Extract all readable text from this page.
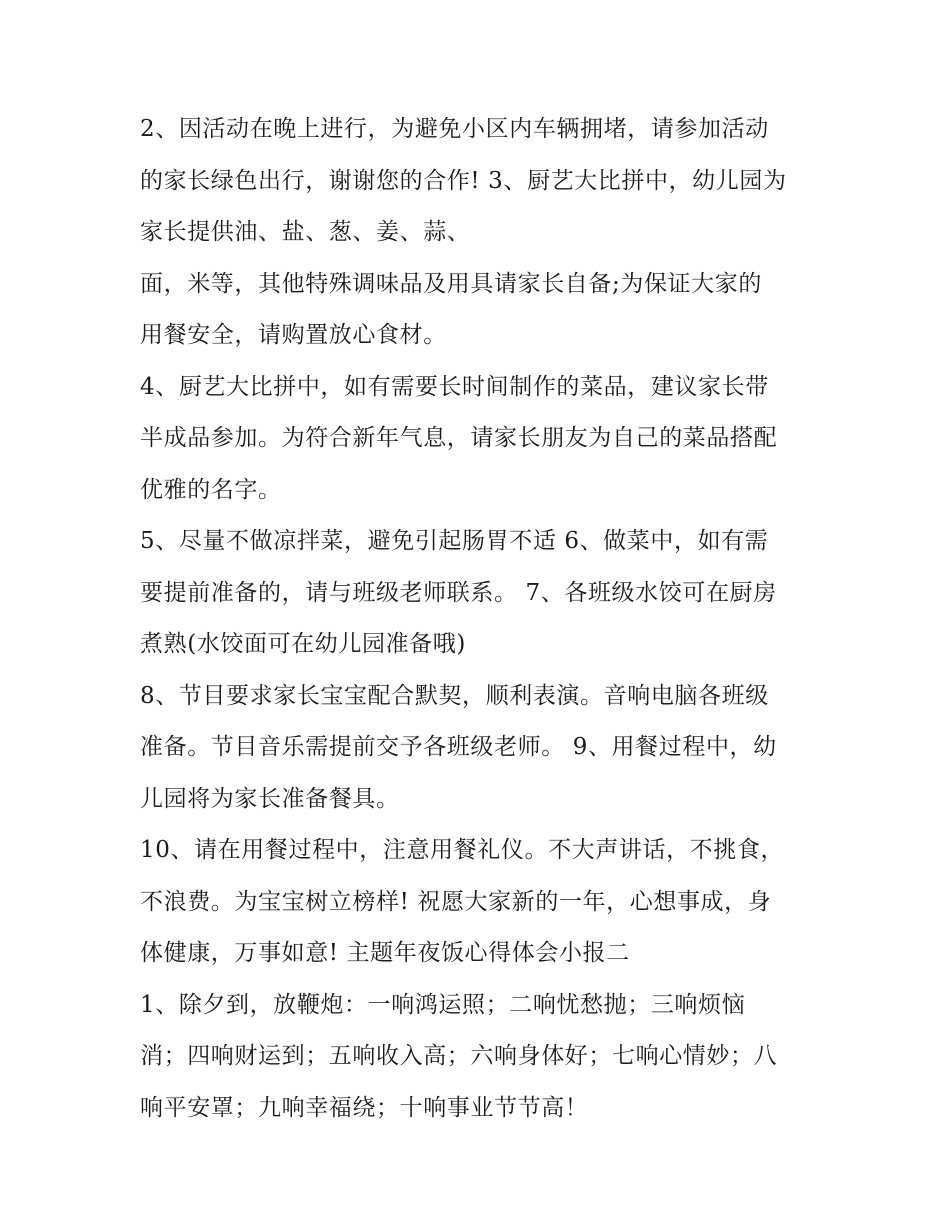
2、因活动在晚上进行，为避免小区内车辆拥堵，请参加活动
的家长绿色出行，谢谢您的合作! 3、厨艺大比拼中，幼儿园为
家长提供油、盐、葱、姜、蒜、
面，米等，其他特殊调味品及用具请家长自备;为保证大家的
用餐安全，请购置放心食材。
4、厨艺大比拼中，如有需要长时间制作的菜品，建议家长带
半成品参加。为符合新年气息，请家长朋友为自己的菜品搭配
优雅的名字。
5、尽量不做凉拌菜，避免引起肠胃不适 6、做菜中，如有需
要提前准备的，请与班级老师联系。 7、各班级水饺可在厨房
煮熟(水饺面可在幼儿园准备哦)
8、节目要求家长宝宝配合默契，顺利表演。音响电脑各班级
准备。节目音乐需提前交予各班级老师。 9、用餐过程中，幼
儿园将为家长准备餐具。
10、请在用餐过程中，注意用餐礼仪。不大声讲话，不挑食，
不浪费。为宝宝树立榜样! 祝愿大家新的一年，心想事成，身
体健康，万事如意! 主题年夜饭心得体会小报二
1、除夕到，放鞭炮：一响鸿运照；二响忧愁抛；三响烦恼
消；四响财运到；五响收入高；六响身体好；七响心情妙；八
响平安罩；九响幸福绕；十响事业节节高！
